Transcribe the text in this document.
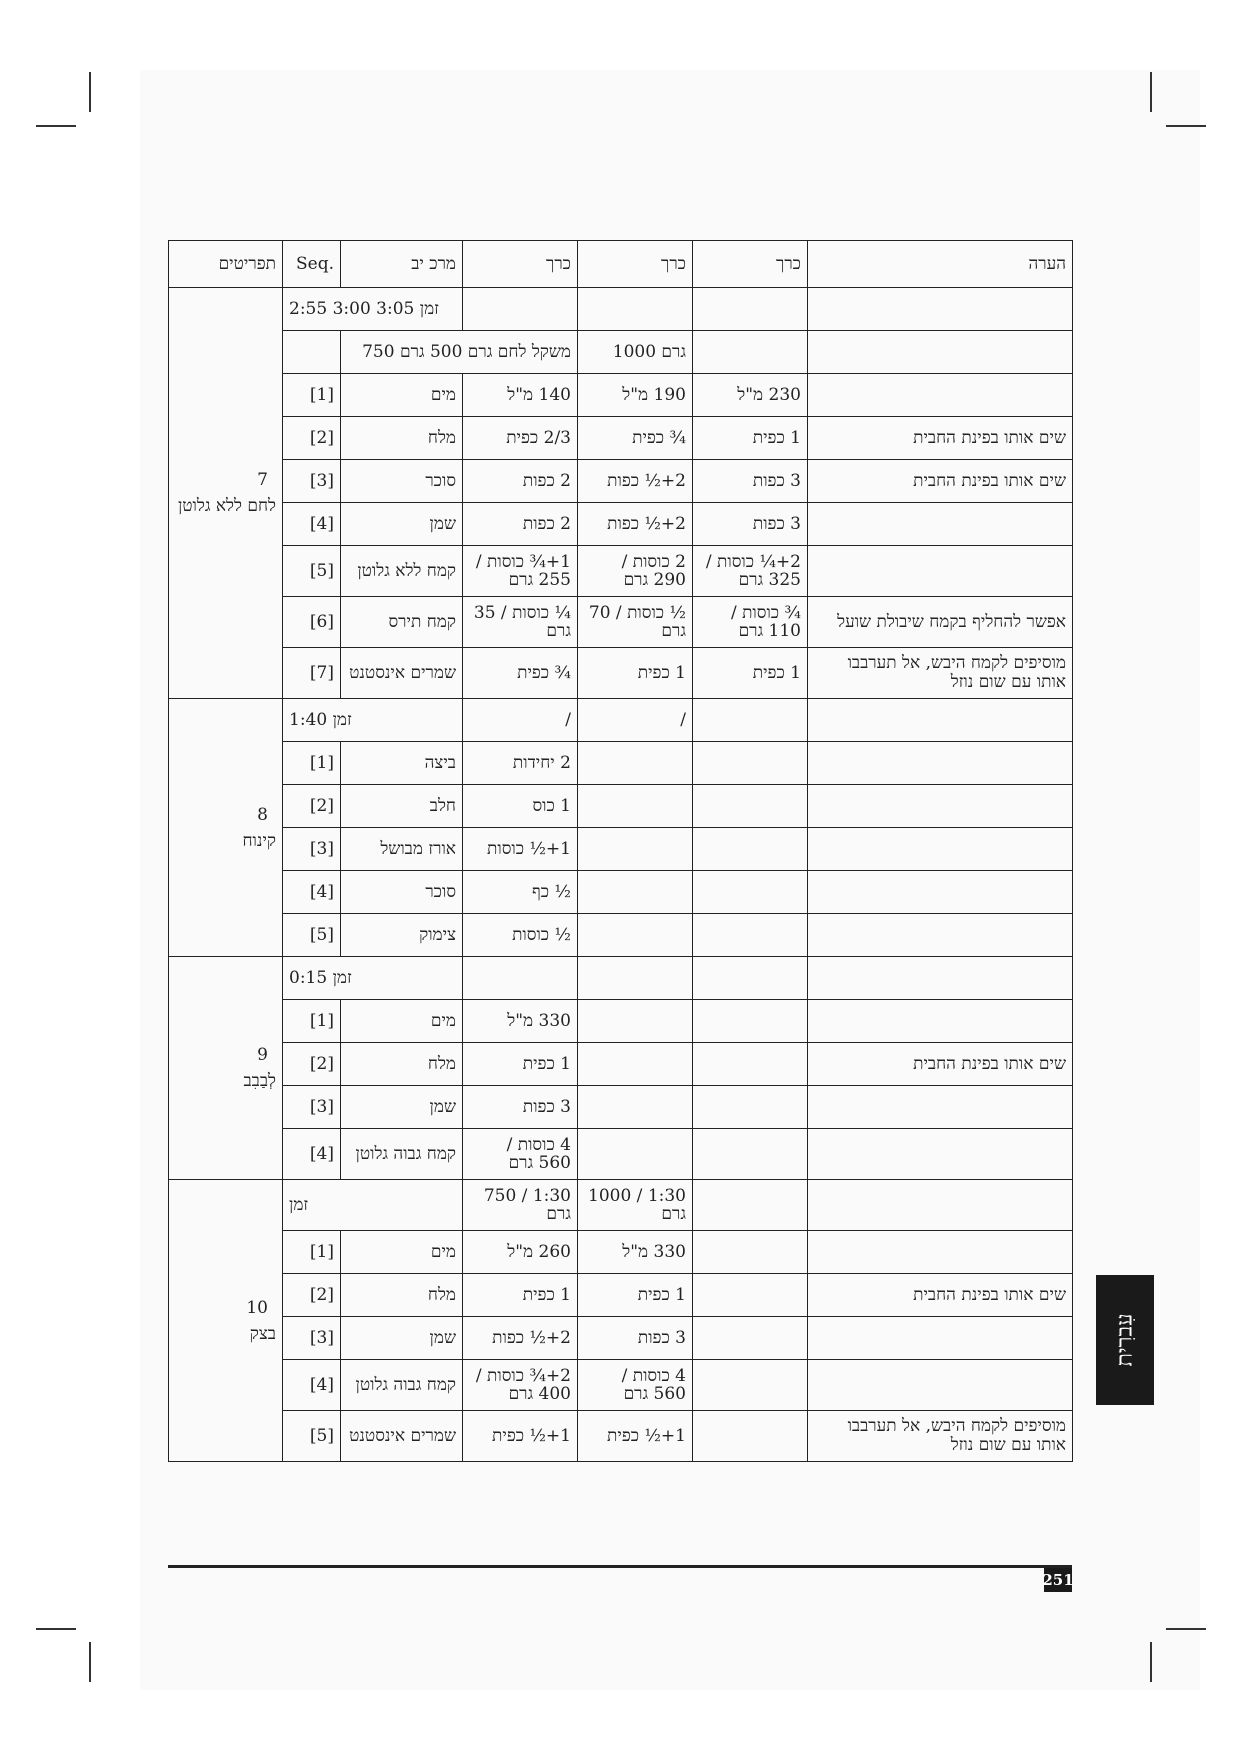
תפריטים	Seq.	מרכ יב	כרך	כרך	כרך	הערה

7
לחם ללא גלוטן	2:55 3:00 3:05 זמן					
		משקל לחם גרם 500 גרם 750		גרם 1000		
	[1]	מים	140 מ"ל	190 מ"ל	230 מ"ל	
	[2]	מלח	2/3 כפית	¾ כפית	1 כפית	שים אותו בפינת החבית
	[3]	סוכר	2 כפות	2+½ כפות	3 כפות	שים אותו בפינת החבית
	[4]	שמן	2 כפות	2+½ כפות	3 כפות	
	[5]	קמח ללא גלוטן	1+¾ כוסות / 255 גרם	2 כוסות / 290 גרם	2+¼ כוסות / 325 גרם	
	[6]	קמח תירס	¼ כוסות / 35 גרם	½ כוסות / 70 גרם	¾ כוסות / 110 גרם	אפשר להחליף בקמח שיבולת שועל
	[7]	שמרים אינסטנט	¾ כפית	1 כפית	1 כפית	מוסיפים לקמח היבש, אל תערבבו אותו עם שום נוזל

8
קינוח	1:40 זמן		/	/		
	[1]	ביצה	2 יחידות			
	[2]	חלב	1 כוס			
	[3]	אורז מבושל	1+½ כוסות			
	[4]	סוכר	½ כף			
	[5]	צימוק	½ כוסות			

9
לְבַבִב	0:15 זמן					
	[1]	מים	330 מ"ל			
	[2]	מלח	1 כפית			שים אותו בפינת החבית
	[3]	שמן	3 כפות			
	[4]	קמח גבוה גלוטן	4 כוסות / 560 גרם			

10
בצק	זמן		1:30 / 750 גרם	1:30 / 1000 גרם		
	[1]	מים	260 מ"ל	330 מ"ל		
	[2]	מלח	1 כפית	1 כפית		שים אותו בפינת החבית
	[3]	שמן	2+½ כפות	3 כפות		
	[4]	קמח גבוה גלוטן	2+¾ כוסות / 400 גרם	4 כוסות / 560 גרם		
	[5]	שמרים אינסטנט	1+½ כפית	1+½ כפית		מוסיפים לקמח היבש, אל תערבבו אותו עם שום נוזל
עִברִית
251
